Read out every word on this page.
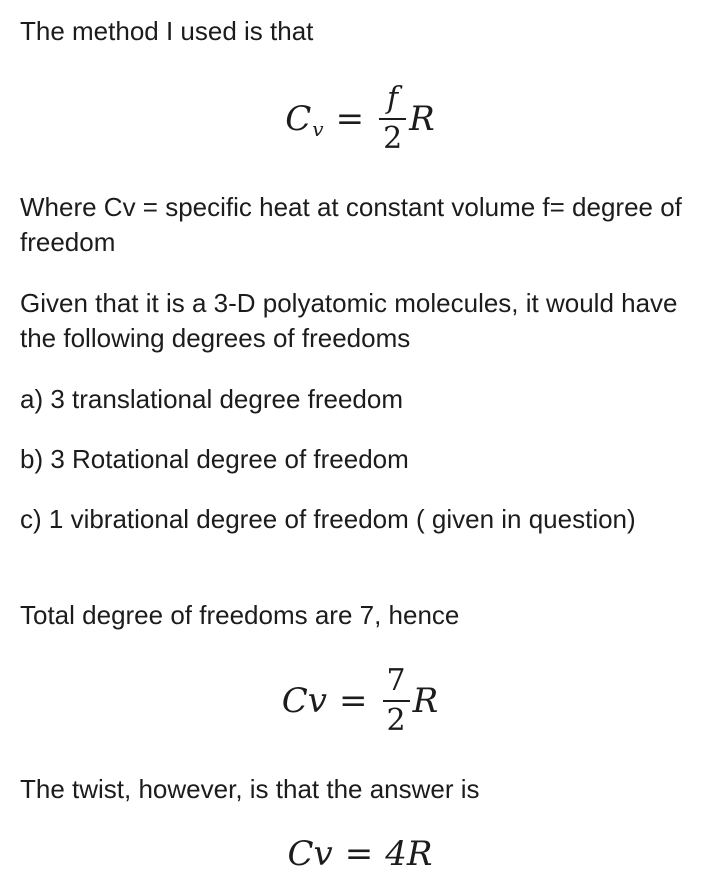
The method I used is that

C $v = \frac{f}{2}$ R

Where Cv = specific heat at constant volume f= degree of freedom

Given that it is a 3-D polyatomic molecules, it would have the following degrees of freedoms

a) 3 translational degree freedom

b) 3 Rotational degree of freedom

c) 1 vibrational degree of freedom ( given in question)

Total degree of freedoms are 7, hence

$Cv = \frac{7}{2}$ R

The twist, however, is that the answer is

Cv = 4R
